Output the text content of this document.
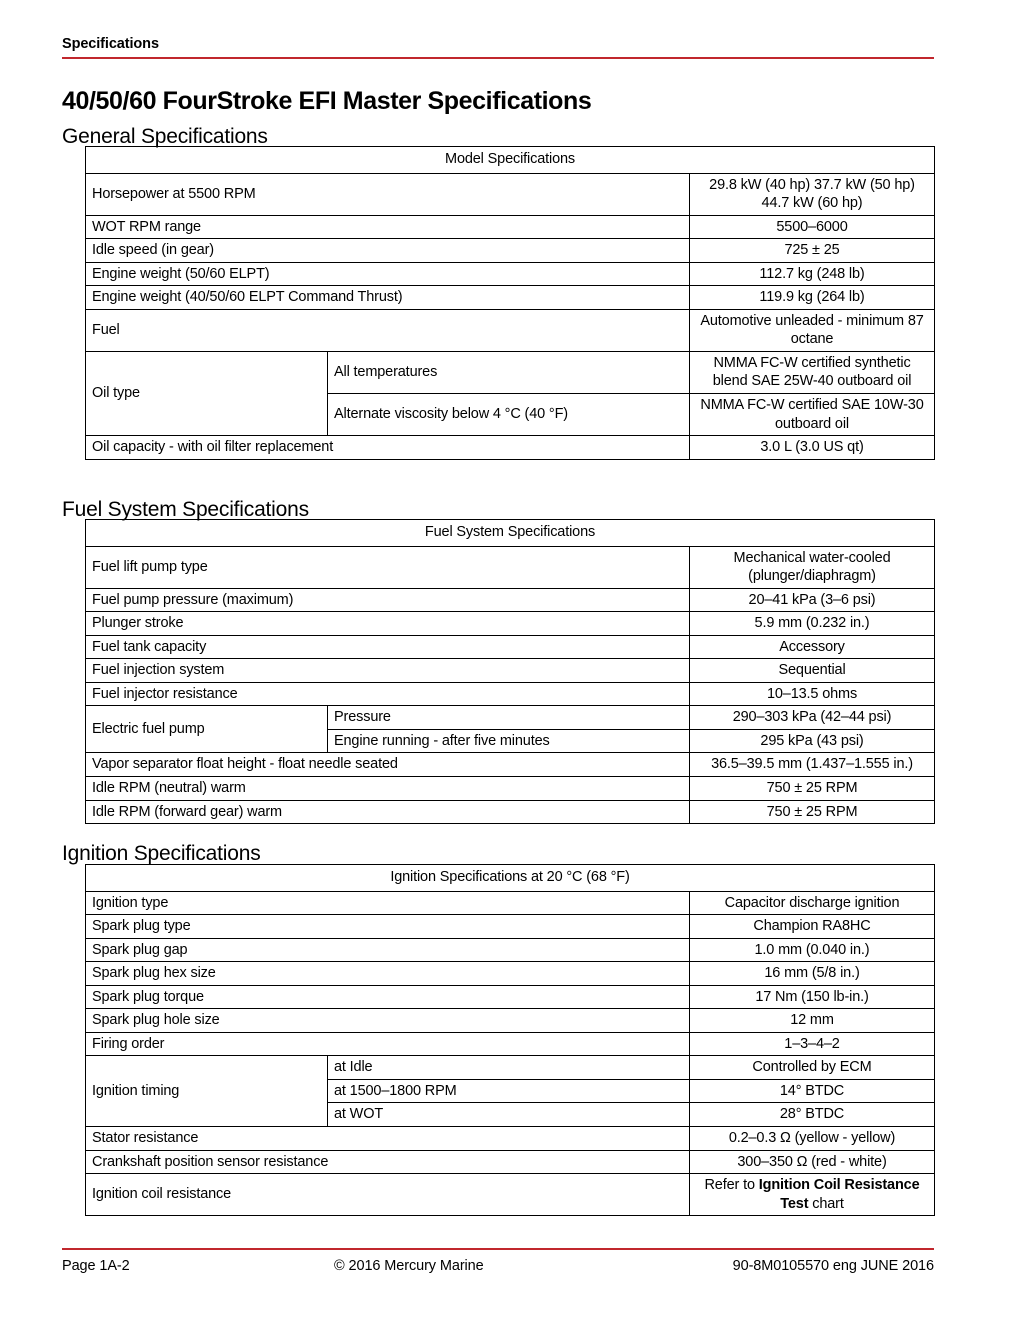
Specifications
40/50/60 FourStroke EFI Master Specifications
General Specifications
Fuel System Specifications
Ignition Specifications
Model Specifications		
Horsepower at 5500 RPM		29.8 kW (40 hp) 37.7 kW (50 hp) 44.7 kW (60 hp)
WOT RPM range		5500–6000
Idle speed (in gear)		725 ± 25
Engine weight (50/60 ELPT)		112.7 kg (248 lb)
Engine weight (40/50/60 ELPT Command Thrust)		119.9 kg (264 lb)
Fuel		Automotive unleaded - minimum 87 octane
Oil type	All temperatures	NMMA FC-W certified synthetic blend SAE 25W-40 outboard oil
	Alternate viscosity below 4 °C (40 °F)	NMMA FC-W certified SAE 10W-30 outboard oil
Oil capacity - with oil filter replacement		3.0 L (3.0 US qt)
Fuel System Specifications		
Fuel lift pump type		Mechanical water-cooled (plunger/diaphragm)
Fuel pump pressure (maximum)		20–41 kPa (3–6 psi)
Plunger stroke		5.9 mm (0.232 in.)
Fuel tank capacity		Accessory
Fuel injection system		Sequential
Fuel injector resistance		10–13.5 ohms
Electric fuel pump	Pressure	290–303 kPa (42–44 psi)
	Engine running - after five minutes	295 kPa (43 psi)
Vapor separator float height - float needle seated		36.5–39.5 mm (1.437–1.555 in.)
Idle RPM (neutral) warm		750 ± 25 RPM
Idle RPM (forward gear) warm		750 ± 25 RPM
Ignition Specifications at 20 °C (68 °F)		
Ignition type		Capacitor discharge ignition
Spark plug type		Champion RA8HC
Spark plug gap		1.0 mm (0.040 in.)
Spark plug hex size		16 mm (5/8 in.)
Spark plug torque		17 Nm (150 lb-in.)
Spark plug hole size		12 mm
Firing order		1–3–4–2
Ignition timing	at Idle	Controlled by ECM
	at 1500–1800 RPM	14° BTDC
	at WOT	28° BTDC
Stator resistance		0.2–0.3 Ω (yellow - yellow)
Crankshaft position sensor resistance		300–350 Ω (red - white)
Ignition coil resistance		Refer to Ignition Coil Resistance Test chart
Page 1A-2	© 2016 Mercury Marine	90-8M0105570 eng JUNE 2016
